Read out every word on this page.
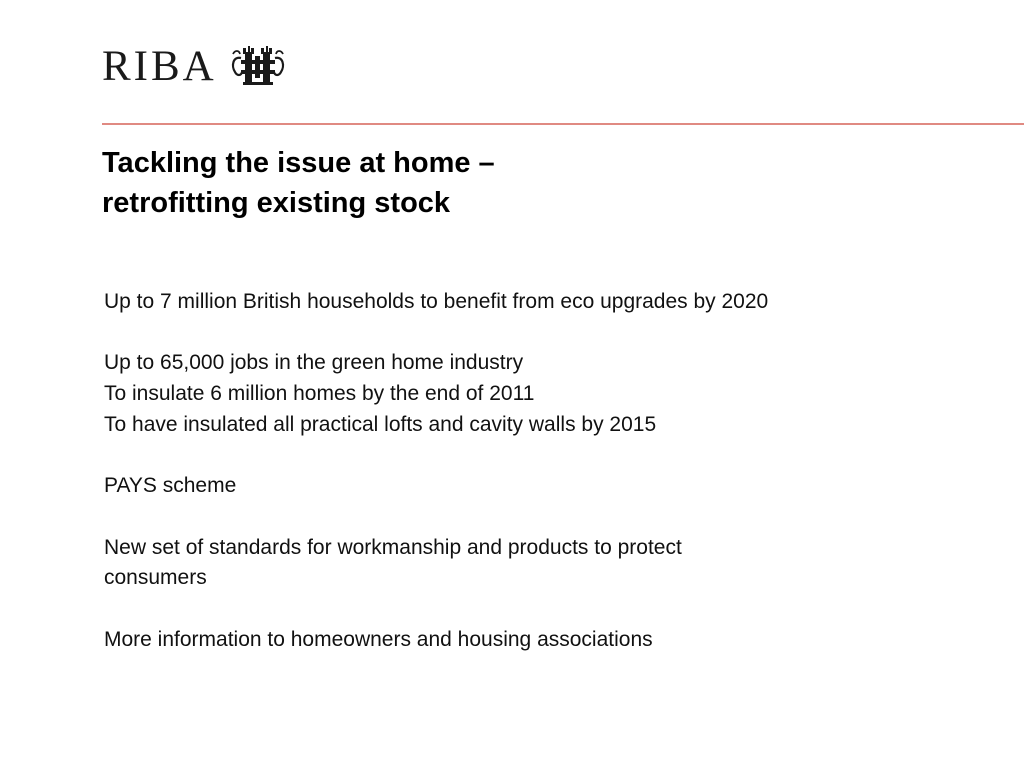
RIBA
Tackling the issue at home –
retrofitting existing stock
Up to 7 million British households to benefit from eco upgrades by 2020
Up to 65,000 jobs in the green home industry
To insulate 6 million homes by the end of 2011
To have insulated all practical lofts and cavity walls by 2015
PAYS scheme
New set of standards for workmanship and products to protect
consumers
More information to homeowners and housing associations
